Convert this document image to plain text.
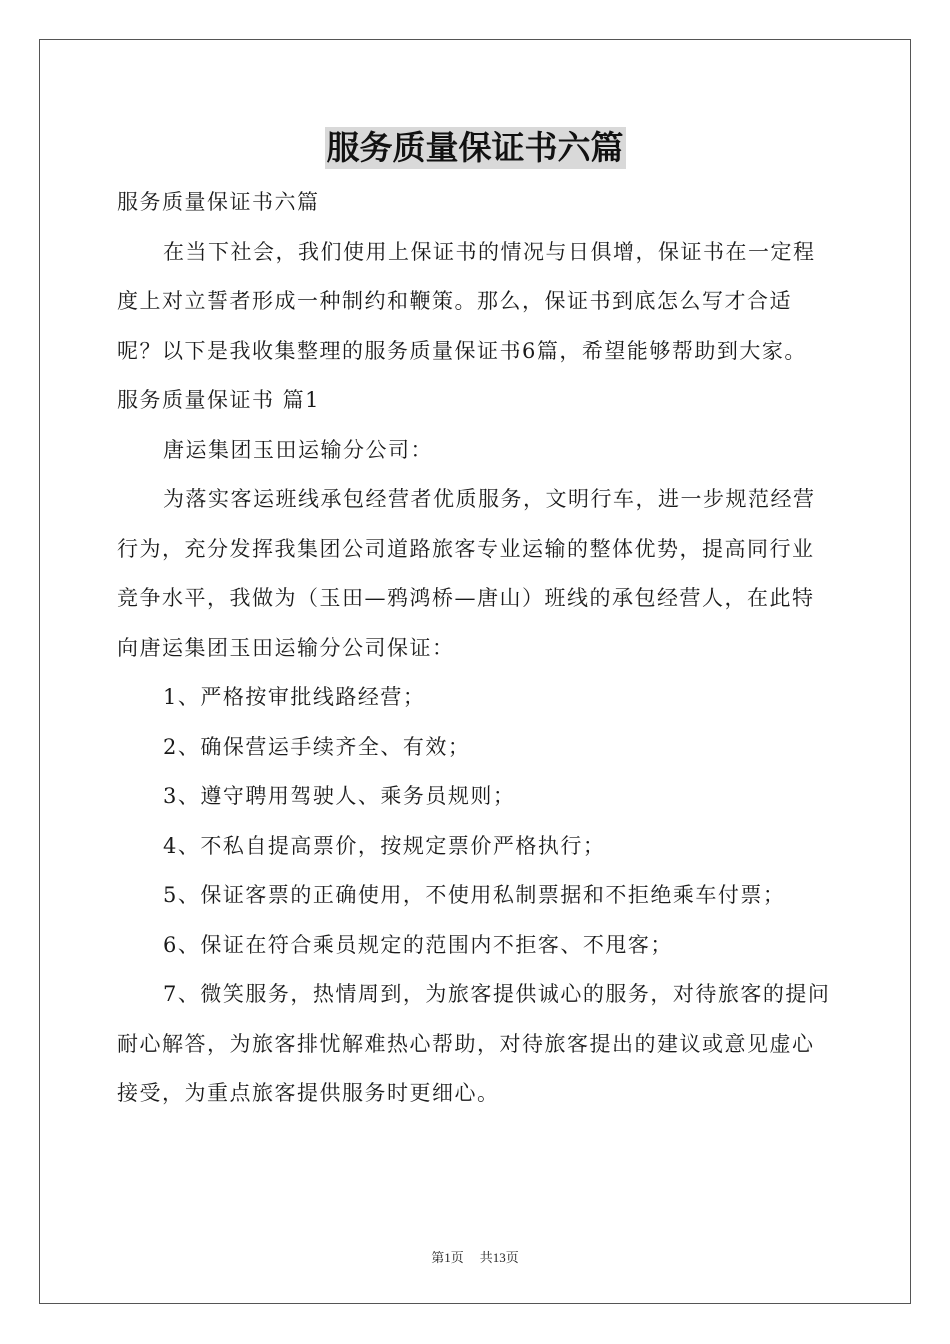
服务质量保证书六篇

服务质量保证书六篇

在当下社会，我们使用上保证书的情况与日俱增，保证书在一定程度上对立誓者形成一种制约和鞭策。那么，保证书到底怎么写才合适呢？以下是我收集整理的服务质量保证书6篇，希望能够帮助到大家。

服务质量保证书 篇1

唐运集团玉田运输分公司：

为落实客运班线承包经营者优质服务，文明行车，进一步规范经营行为，充分发挥我集团公司道路旅客专业运输的整体优势，提高同行业竞争水平，我做为（玉田—鸦鸿桥—唐山）班线的承包经营人，在此特向唐运集团玉田运输分公司保证：

1、严格按审批线路经营；

2、确保营运手续齐全、有效；

3、遵守聘用驾驶人、乘务员规则；

4、不私自提高票价，按规定票价严格执行；

5、保证客票的正确使用，不使用私制票据和不拒绝乘车付票；

6、保证在符合乘员规定的范围内不拒客、不甩客；

7、微笑服务，热情周到，为旅客提供诚心的服务，对待旅客的提问耐心解答，为旅客排忧解难热心帮助，对待旅客提出的建议或意见虚心接受，为重点旅客提供服务时更细心。

第1页 共13页
